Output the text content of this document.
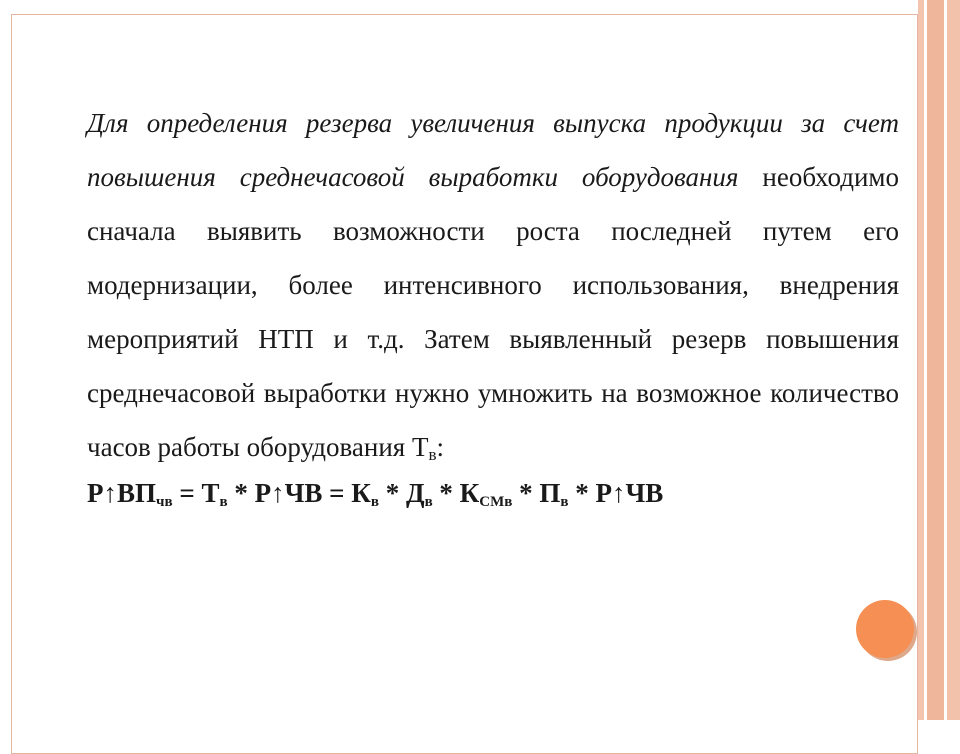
Для определения резерва увеличения выпуска продукции за счет повышения среднечасовой выработки оборудования необходимо сначала выявить возможности роста последней путем его модернизации, более интенсивного использования, внедрения мероприятий НТП и т.д. Затем выявленный резерв повышения среднечасовой выработки нужно умножить на возможное количество часов работы оборудования $Т_в$:

$Р↑ВП_{чв} = Т_в$ * Р↑ЧВ = $К_в * Д_в * К_{СМв} * П_в$ * Р↑ЧВ
